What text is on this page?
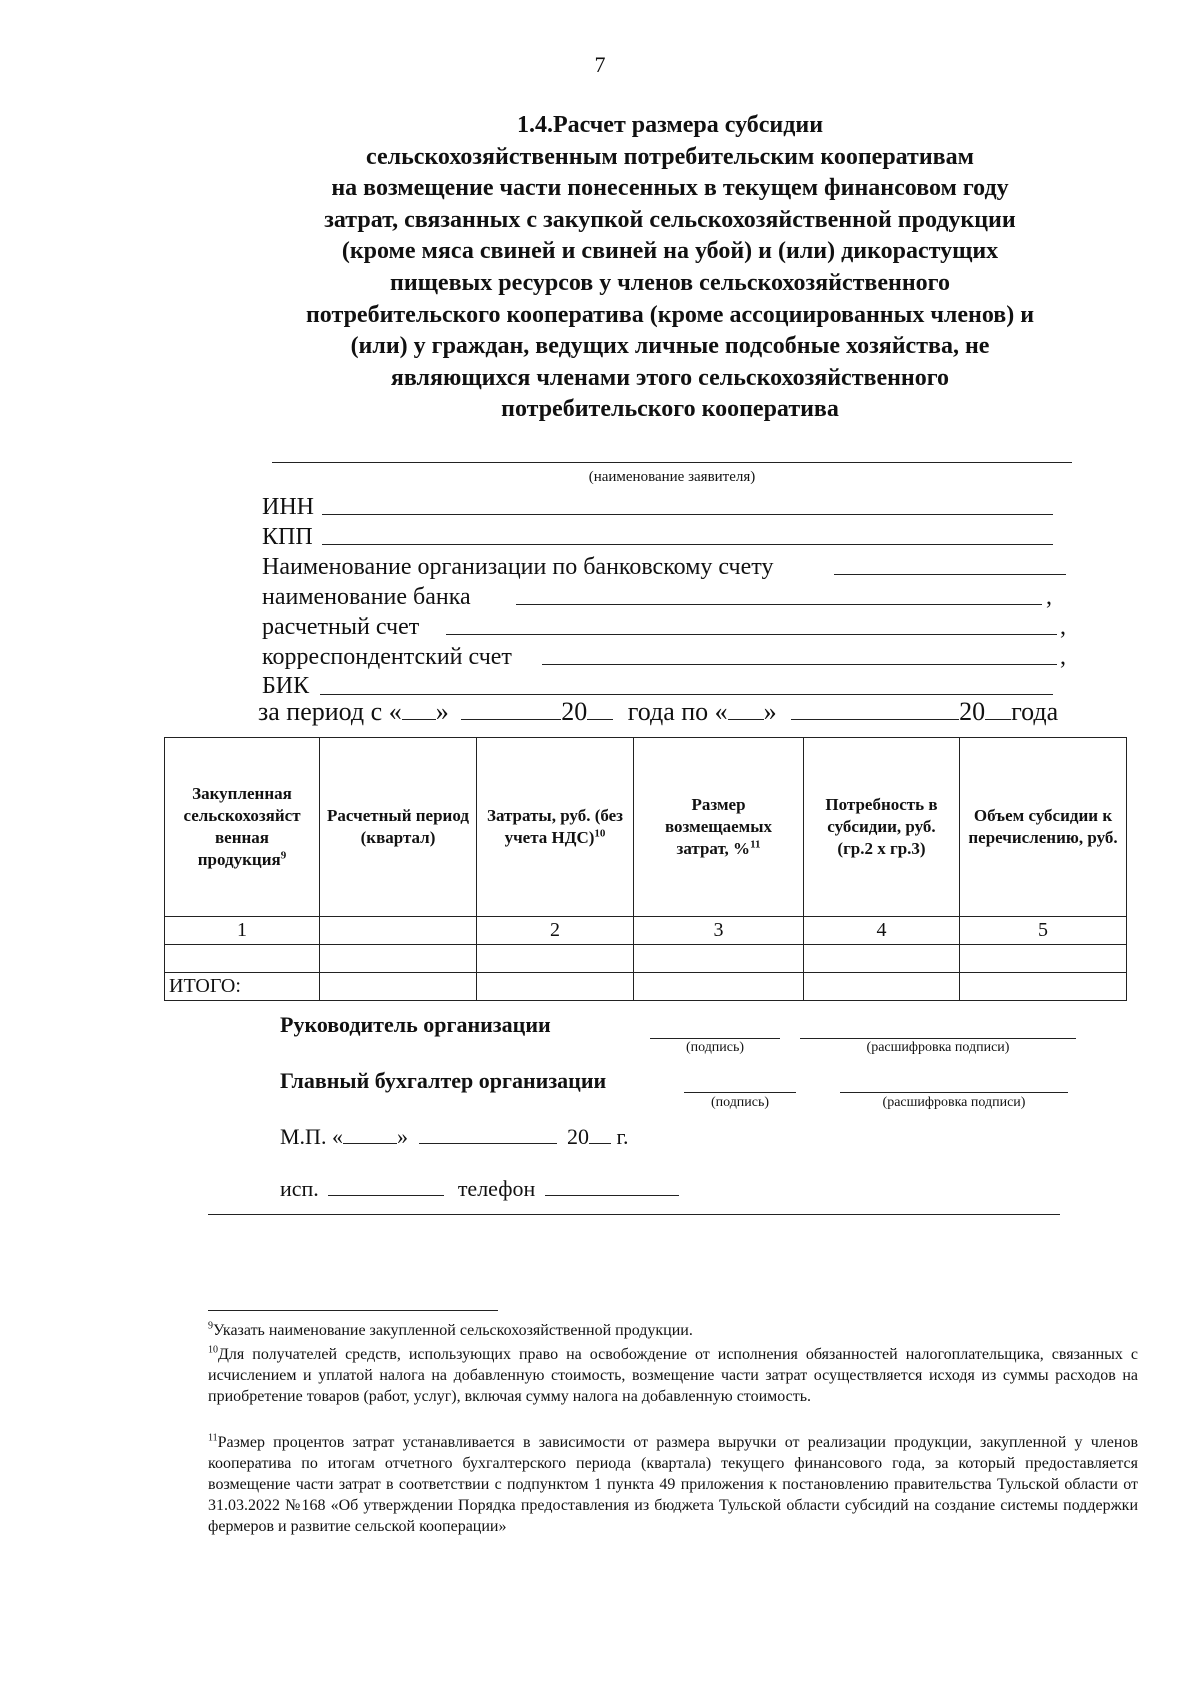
7
1.4.Расчет размера субсидии
сельскохозяйственным потребительским кооперативам
на возмещение части понесенных в текущем финансовом году
затрат, связанных с закупкой сельскохозяйственной продукции
(кроме мяса свиней и свиней на убой) и (или) дикорастущих
пищевых ресурсов у членов сельскохозяйственного
потребительского кооператива (кроме ассоциированных членов) и
(или) у граждан, ведущих личные подсобные хозяйства, не
являющихся членами этого сельскохозяйственного
потребительского кооператива
(наименование заявителя)
ИНН
КПП
Наименование организации по банковскому счету
наименование банка	,
расчетный счет	,
корреспондентский счет	,
БИК
за период с « »	20 года по « »	20 года
Закупленная сельскохозяйст венная продукция$^9$	Расчетный период (квартал)	Затраты, руб. (без учета НДС)$^{10}$	Размер возмещаемых затрат, %$^{11}$	Потребность в субсидии, руб. (гр.2 х гр.3)	Объем субсидии к перечислению, руб.
1		2	3	4	5

ИТОГО:					
Руководитель организации
(подпись)	(расшифровка подписи)
Главный бухгалтер организации
(подпись)	(расшифровка подписи)
М.П. « »	20 г.
исп.	телефон
$^9$Указать наименование закупленной сельскохозяйственной продукции.
$^{10}$Для получателей средств, использующих право на освобождение от исполнения обязанностей налогоплательщика, связанных с исчислением и уплатой налога на добавленную стоимость, возмещение части затрат осуществляется исходя из суммы расходов на приобретение товаров (работ, услуг), включая сумму налога на добавленную стоимость.
$^{11}$Размер процентов затрат устанавливается в зависимости от размера выручки от реализации продукции, закупленной у членов кооператива по итогам отчетного бухгалтерского периода (квартала) текущего финансового года, за который предоставляется возмещение части затрат в соответствии с подпунктом 1 пункта 49 приложения к постановлению правительства Тульской области от 31.03.2022 №168 «Об утверждении Порядка предоставления из бюджета Тульской области субсидий на создание системы поддержки фермеров и развитие сельской кооперации»
